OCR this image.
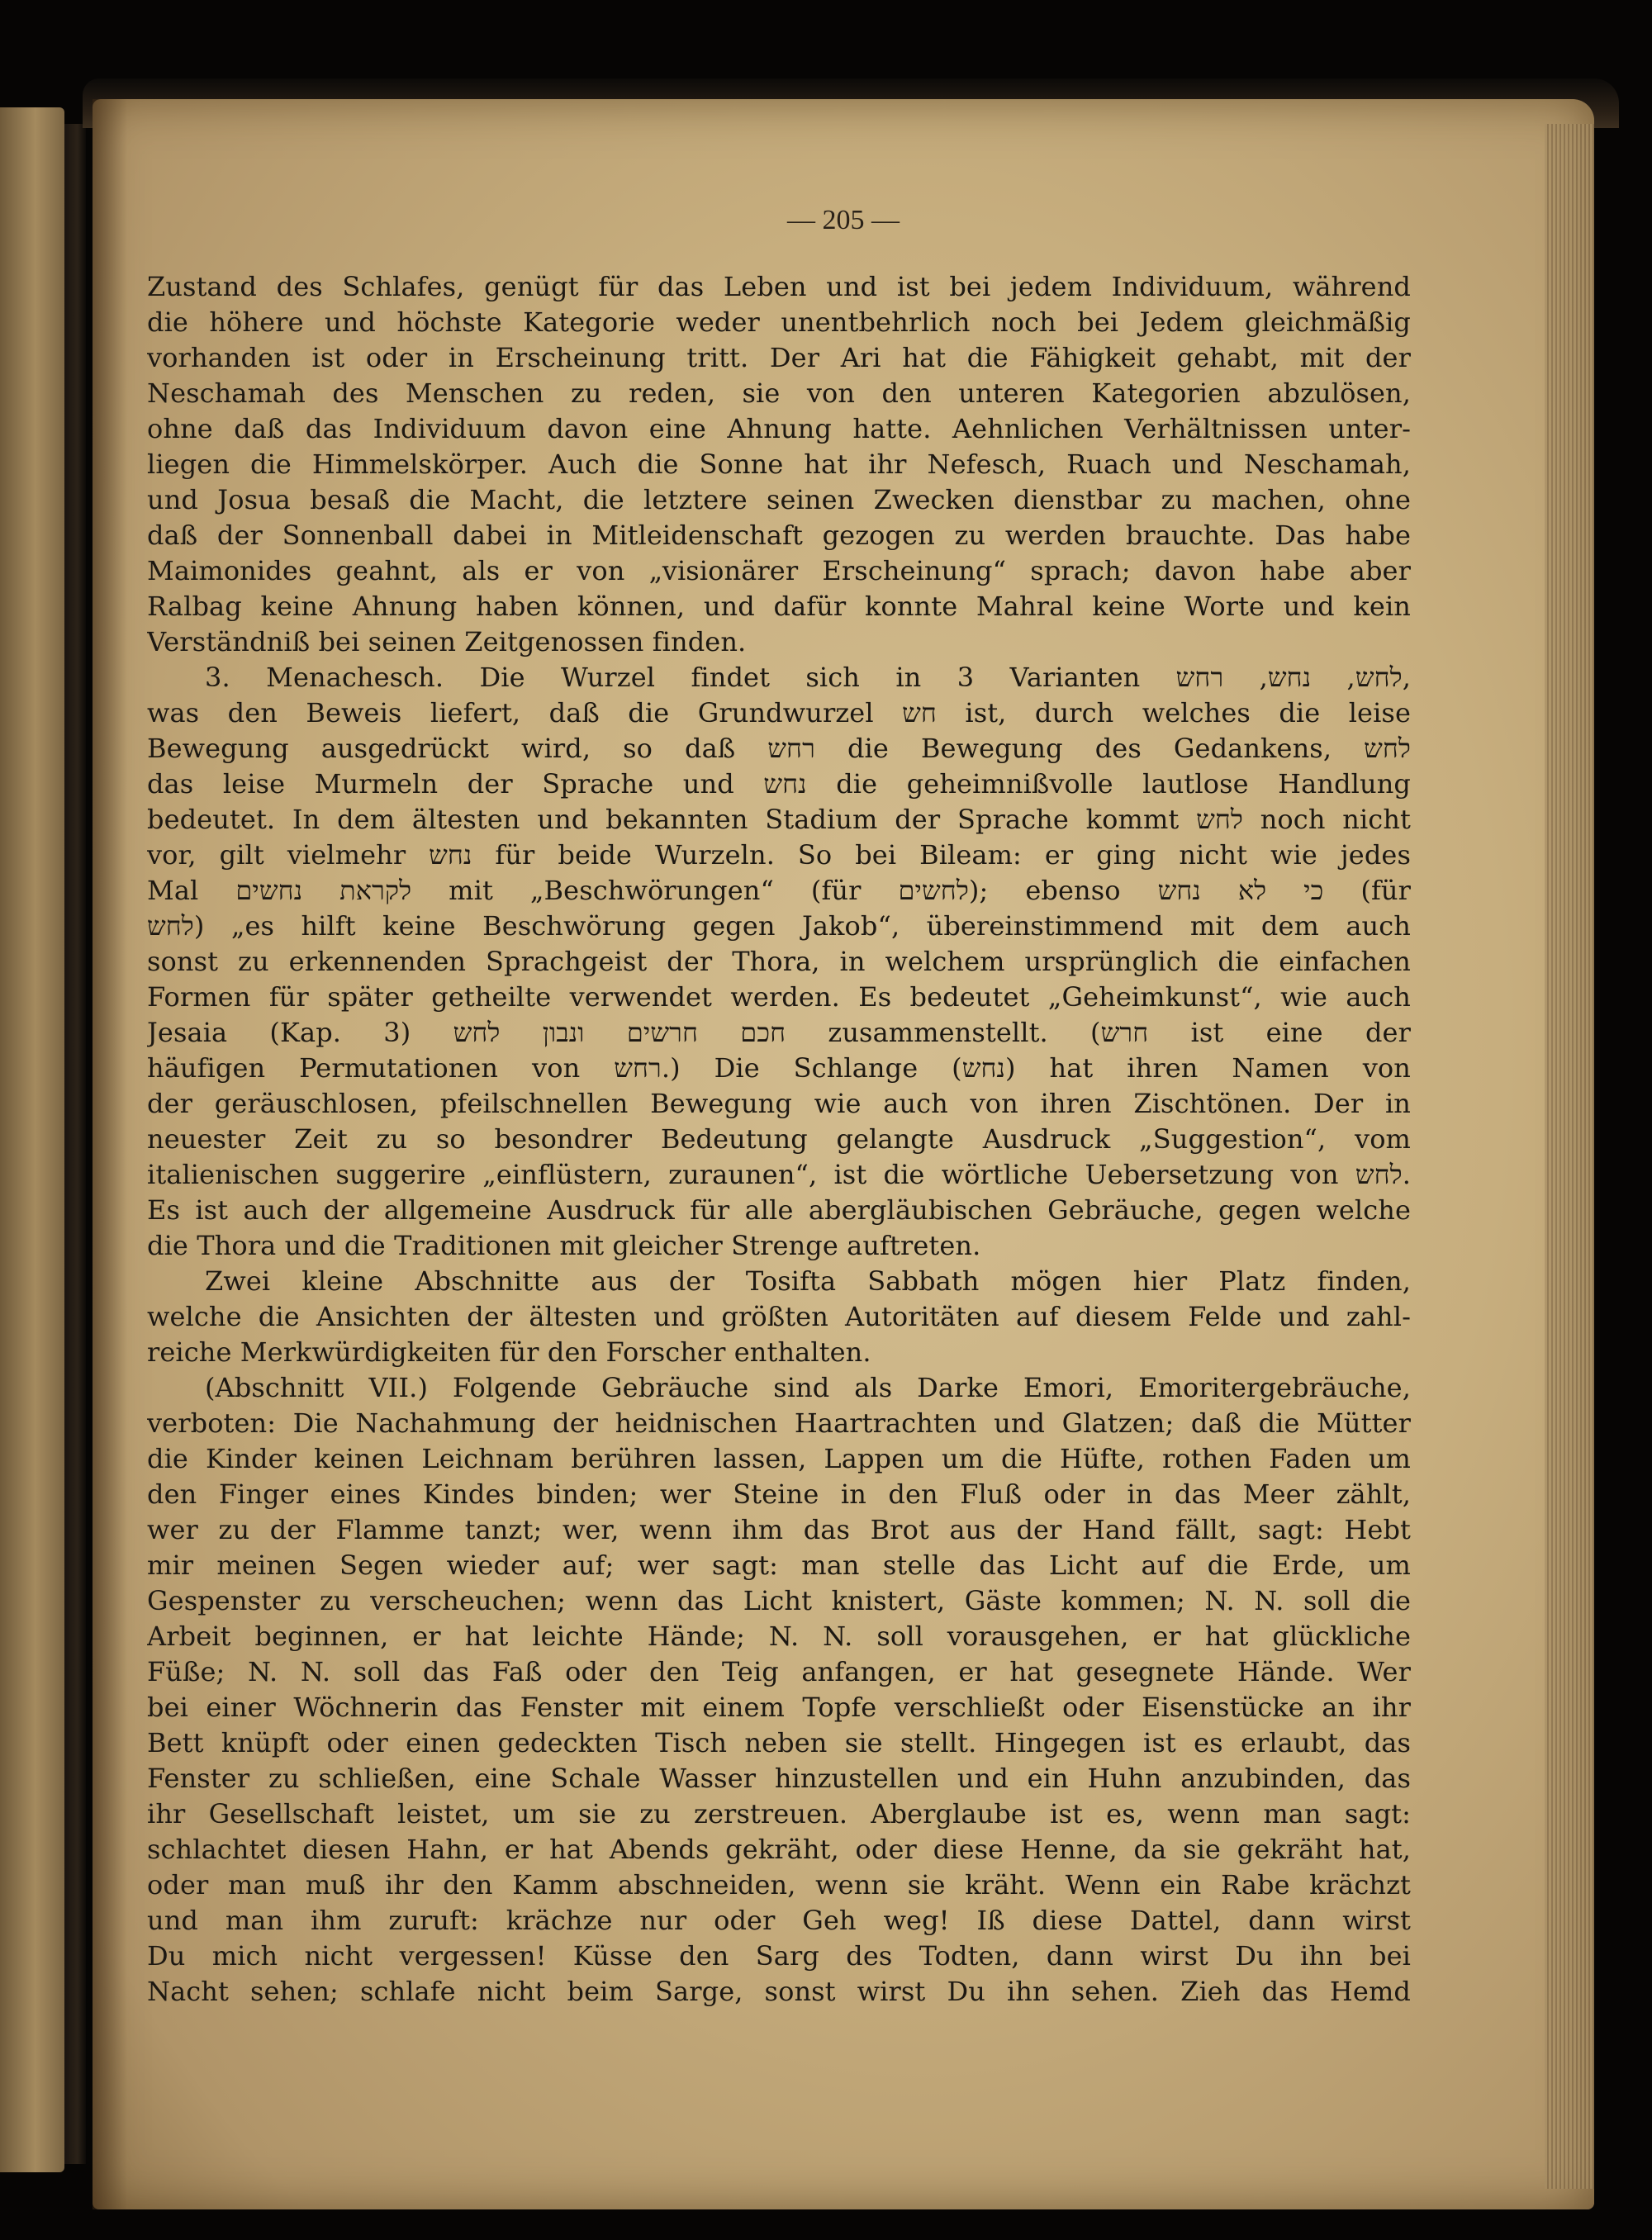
— 205 —
Zustand des Schlafes, genügt für das Leben und ist bei jedem Individuum, während
die höhere und höchste Kategorie weder unentbehrlich noch bei Jedem gleichmäßig
vorhanden ist oder in Erscheinung tritt. Der Ari hat die Fähigkeit gehabt, mit der
Neschamah des Menschen zu reden, sie von den unteren Kategorien abzulösen,
ohne daß das Individuum davon eine Ahnung hatte. Aehnlichen Verhältnissen unter-
liegen die Himmelskörper. Auch die Sonne hat ihr Nefesch, Ruach und Neschamah,
und Josua besaß die Macht, die letztere seinen Zwecken dienstbar zu machen, ohne
daß der Sonnenball dabei in Mitleidenschaft gezogen zu werden brauchte. Das habe
Maimonides geahnt, als er von „visionärer Erscheinung“ sprach; davon habe aber
Ralbag keine Ahnung haben können, und dafür konnte Mahral keine Worte und kein
Verständniß bei seinen Zeitgenossen finden.
3. Menachesch. Die Wurzel findet sich in 3 Varianten לחש, נחש, רחש,
was den Beweis liefert, daß die Grundwurzel חש ist, durch welches die leise
Bewegung ausgedrückt wird, so daß רחש die Bewegung des Gedankens, לחש
das leise Murmeln der Sprache und נחש die geheimnißvolle lautlose Handlung
bedeutet. In dem ältesten und bekannten Stadium der Sprache kommt לחש noch nicht
vor, gilt vielmehr נחש für beide Wurzeln. So bei Bileam: er ging nicht wie jedes
Mal לקראת נחשים mit „Beschwörungen“ (für לחשים); ebenso כי לא נחש (für
לחש) „es hilft keine Beschwörung gegen Jakob“, übereinstimmend mit dem auch
sonst zu erkennenden Sprachgeist der Thora, in welchem ursprünglich die einfachen
Formen für später getheilte verwendet werden. Es bedeutet „Geheimkunst“, wie auch
Jesaia (Kap. 3) חכם חרשים ונבון לחש zusammenstellt. (חרש ist eine der
häufigen Permutationen von רחש.) Die Schlange (נחש) hat ihren Namen von
der geräuschlosen, pfeilschnellen Bewegung wie auch von ihren Zischtönen. Der in
neuester Zeit zu so besondrer Bedeutung gelangte Ausdruck „Suggestion“, vom
italienischen suggerire „einflüstern, zuraunen“, ist die wörtliche Uebersetzung von לחש.
Es ist auch der allgemeine Ausdruck für alle abergläubischen Gebräuche, gegen welche
die Thora und die Traditionen mit gleicher Strenge auftreten.
Zwei kleine Abschnitte aus der Tosifta Sabbath mögen hier Platz finden,
welche die Ansichten der ältesten und größten Autoritäten auf diesem Felde und zahl-
reiche Merkwürdigkeiten für den Forscher enthalten.
(Abschnitt VII.) Folgende Gebräuche sind als Darke Emori, Emoritergebräuche,
verboten: Die Nachahmung der heidnischen Haartrachten und Glatzen; daß die Mütter
die Kinder keinen Leichnam berühren lassen, Lappen um die Hüfte, rothen Faden um
den Finger eines Kindes binden; wer Steine in den Fluß oder in das Meer zählt,
wer zu der Flamme tanzt; wer, wenn ihm das Brot aus der Hand fällt, sagt: Hebt
mir meinen Segen wieder auf; wer sagt: man stelle das Licht auf die Erde, um
Gespenster zu verscheuchen; wenn das Licht knistert, Gäste kommen; N. N. soll die
Arbeit beginnen, er hat leichte Hände; N. N. soll vorausgehen, er hat glückliche
Füße; N. N. soll das Faß oder den Teig anfangen, er hat gesegnete Hände. Wer
bei einer Wöchnerin das Fenster mit einem Topfe verschließt oder Eisenstücke an ihr
Bett knüpft oder einen gedeckten Tisch neben sie stellt. Hingegen ist es erlaubt, das
Fenster zu schließen, eine Schale Wasser hinzustellen und ein Huhn anzubinden, das
ihr Gesellschaft leistet, um sie zu zerstreuen. Aberglaube ist es, wenn man sagt:
schlachtet diesen Hahn, er hat Abends gekräht, oder diese Henne, da sie gekräht hat,
oder man muß ihr den Kamm abschneiden, wenn sie kräht. Wenn ein Rabe krächzt
und man ihm zuruft: krächze nur oder Geh weg! Iß diese Dattel, dann wirst
Du mich nicht vergessen! Küsse den Sarg des Todten, dann wirst Du ihn bei
Nacht sehen; schlafe nicht beim Sarge, sonst wirst Du ihn sehen. Zieh das Hemd
